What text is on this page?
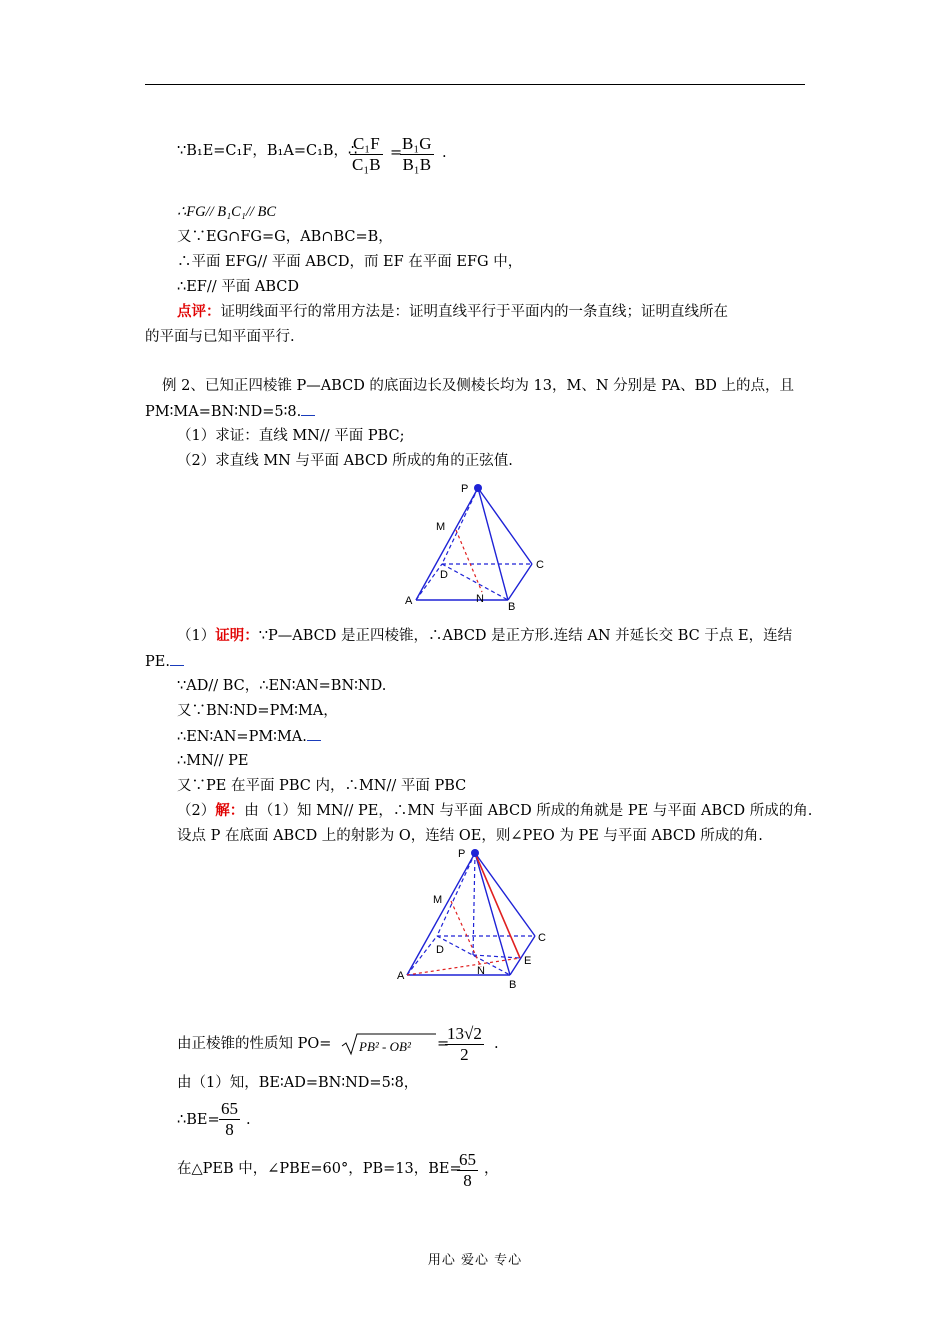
∵B₁E=C₁F，B₁A=C₁B，∴
$\frac{\text{C₁F}}{\text{C₁B}}$ =
$\frac{\text{B₁G}}{\text{B₁B}}$ .
∴FG// B₁C₁// BC
又∵EG∩FG=G，AB∩BC=B，
∴平面 EFG// 平面 ABCD，而 EF 在平面 EFG 中，
∴EF// 平面 ABCD
点评：证明线面平行的常用方法是：证明直线平行于平面内的一条直线；证明直线所在
的平面与已知平面平行.
例 2、已知正四棱锥 P—ABCD 的底面边长及侧棱长均为 13，M、N 分别是 PA、BD 上的点，且
PM∶MA=BN∶ND=5∶8.
（1）求证：直线 MN// 平面 PBC;
（2）求直线 MN 与平面 ABCD 所成的角的正弦值.
P
M
C
D
A	N
B
（1）证明：∵P—ABCD 是正四棱锥，∴ABCD 是正方形.连结 AN 并延长交 BC 于点 E，连结
PE.
∵AD// BC，∴EN∶AN=BN∶ND.
又∵BN∶ND=PM∶MA，
∴EN∶AN=PM∶MA.
∴MN// PE
又∵PE 在平面 PBC 内，∴MN// 平面 PBC
（2）解：由（1）知 MN// PE，∴MN 与平面 ABCD 所成的角就是 PE 与平面 ABCD 所成的角.
设点 P 在底面 ABCD 上的射影为 O，连结 OE，则∠PEO 为 PE 与平面 ABCD 所成的角.
P
M
C
D
E
A	N
B
由正棱锥的性质知 PO= PB² - OB² =
$\frac{13√2}{2}$ .
由（1）知，BE∶AD=BN∶ND=5∶8，
∴BE= $\frac{65}{8}$ .
在△PEB 中，∠PBE=60°，PB=13，BE=
$\frac{65}{8}$ ，
用心 爱心 专心
